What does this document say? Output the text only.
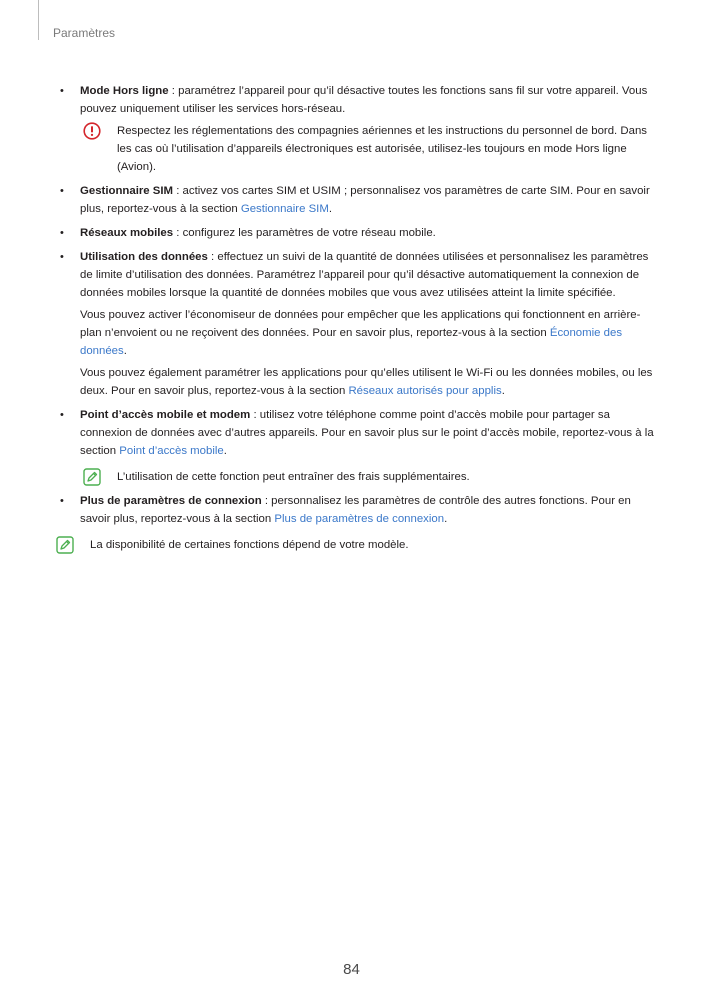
Paramètres
• Mode Hors ligne : paramétrez l’appareil pour qu’il désactive toutes les fonctions sans fil sur votre appareil. Vous pouvez uniquement utiliser les services hors-réseau.
Respectez les réglementations des compagnies aériennes et les instructions du personnel de bord. Dans les cas où l’utilisation d’appareils électroniques est autorisée, utilisez-les toujours en mode Hors ligne (Avion).
• Gestionnaire SIM : activez vos cartes SIM et USIM ; personnalisez vos paramètres de carte SIM. Pour en savoir plus, reportez-vous à la section Gestionnaire SIM.
• Réseaux mobiles : configurez les paramètres de votre réseau mobile.
• Utilisation des données : effectuez un suivi de la quantité de données utilisées et personnalisez les paramètres de limite d’utilisation des données. Paramétrez l’appareil pour qu’il désactive automatiquement la connexion de données mobiles lorsque la quantité de données mobiles que vous avez utilisées atteint la limite spécifiée.
Vous pouvez activer l’économiseur de données pour empêcher que les applications qui fonctionnent en arrière-plan n’envoient ou ne reçoivent des données. Pour en savoir plus, reportez-vous à la section Économie des données.
Vous pouvez également paramétrer les applications pour qu’elles utilisent le Wi-Fi ou les données mobiles, ou les deux. Pour en savoir plus, reportez-vous à la section Réseaux autorisés pour applis.
• Point d’accès mobile et modem : utilisez votre téléphone comme point d’accès mobile pour partager sa connexion de données avec d’autres appareils. Pour en savoir plus sur le point d’accès mobile, reportez-vous à la section Point d’accès mobile.
L’utilisation de cette fonction peut entraîner des frais supplémentaires.
• Plus de paramètres de connexion : personnalisez les paramètres de contrôle des autres fonctions. Pour en savoir plus, reportez-vous à la section Plus de paramètres de connexion.
La disponibilité de certaines fonctions dépend de votre modèle.
84
